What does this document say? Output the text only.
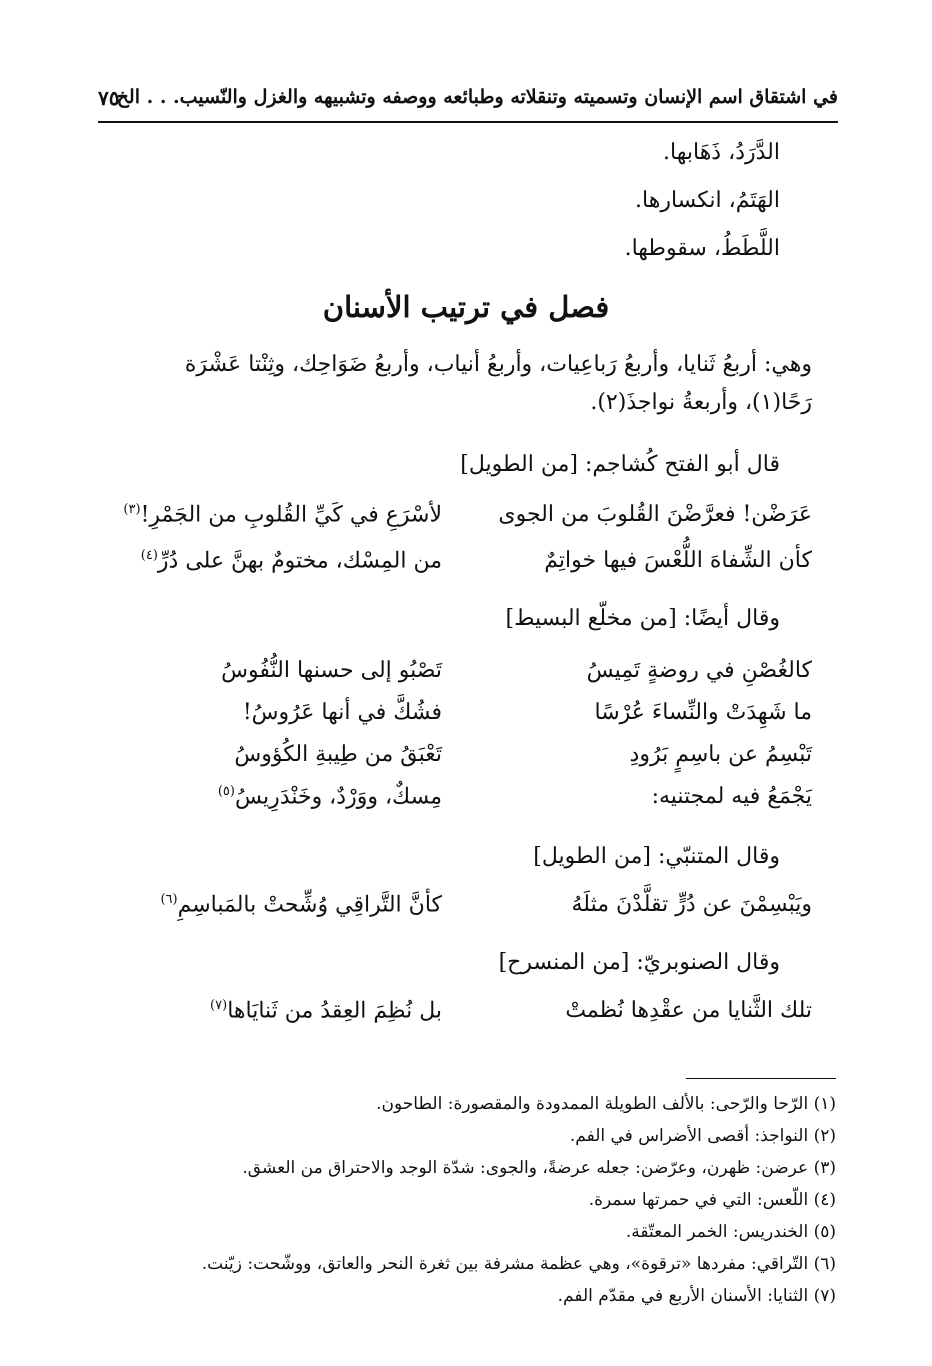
في اشتقاق اسم الإنسان وتسميته وتنقلاته وطبائعه ووصفه وتشبيهه والغزل والنّسيب. . . الخ
٧٥
الدَّرَدُ، ذَهَابها.
الهَتَمُ، انكسارها.
اللَّطَطُ، سقوطها.
فصل في ترتيب الأسنان
وهي: أربعُ ثَنايا، وأربعُ رَباعِيات، وأربعُ أنياب، وأربعُ ضَوَاحِك، وثِنْتا عَشْرَة
رَحًا(١)، وأربعةُ نواجذَ(٢).
قال أبو الفتح كُشاجم: [من الطويل]
عَرَضْن! فعرَّضْنَ القُلوبَ من الجوى
لأسْرَعِ في كَيِّ القُلوبِ من الجَمْرِ!$^{(٣)}$
كأن الشِّفاهَ اللُّعْسَ فيها خواتِمٌ
من المِسْك، مختومٌ بهنَّ على دُرِّ$^{(٤)}$
وقال أيضًا: [من مخلّع البسيط]
كالغُصْنِ في روضةٍ تَمِيسُ
تَصْبُو إلى حسنها النُّفُوسُ
ما شَهِدَتْ والنِّساءَ عُرْسًا
فشُكَّ في أنها عَرُوسُ!
تَبْسِمُ عن باسِمٍ بَرُودِ
تَعْبَقُ من طِيبةِ الكُؤوسُ
يَجْمَعُ فيه لمجتنيه:
مِسكٌ، ووَرْدٌ، وخَنْدَرِيسُ$^{(٥)}$
وقال المتنبّي: [من الطويل]
ويَبْسِمْنَ عن دُرٍّ تقلَّدْنَ مثلَهُ
كأنَّ التَّراقِي وُشِّحتْ بالمَباسِمِ$^{(٦)}$
وقال الصنوبريّ: [من المنسرح]
تلك الثَّنايا من عقْدِها نُظمتْ
بل نُظِمَ العِقدُ من ثَنايَاها$^{(٧)}$
(١) الرّحا والرّحى: بالألف الطويلة الممدودة والمقصورة: الطاحون.
(٢) النواجذ: أقصى الأضراس في الفم.
(٣) عرضن: ظهرن، وعرّضن: جعله عرضةً، والجوى: شدّة الوجد والاحتراق من العشق.
(٤) اللّعس: التي في حمرتها سمرة.
(٥) الخندريس: الخمر المعتّقة.
(٦) التّراقي: مفردها «ترقوة»، وهي عظمة مشرفة بين ثغرة النحر والعاتق، ووشّحت: زيّنت.
(٧) الثنايا: الأسنان الأربع في مقدّم الفم.
